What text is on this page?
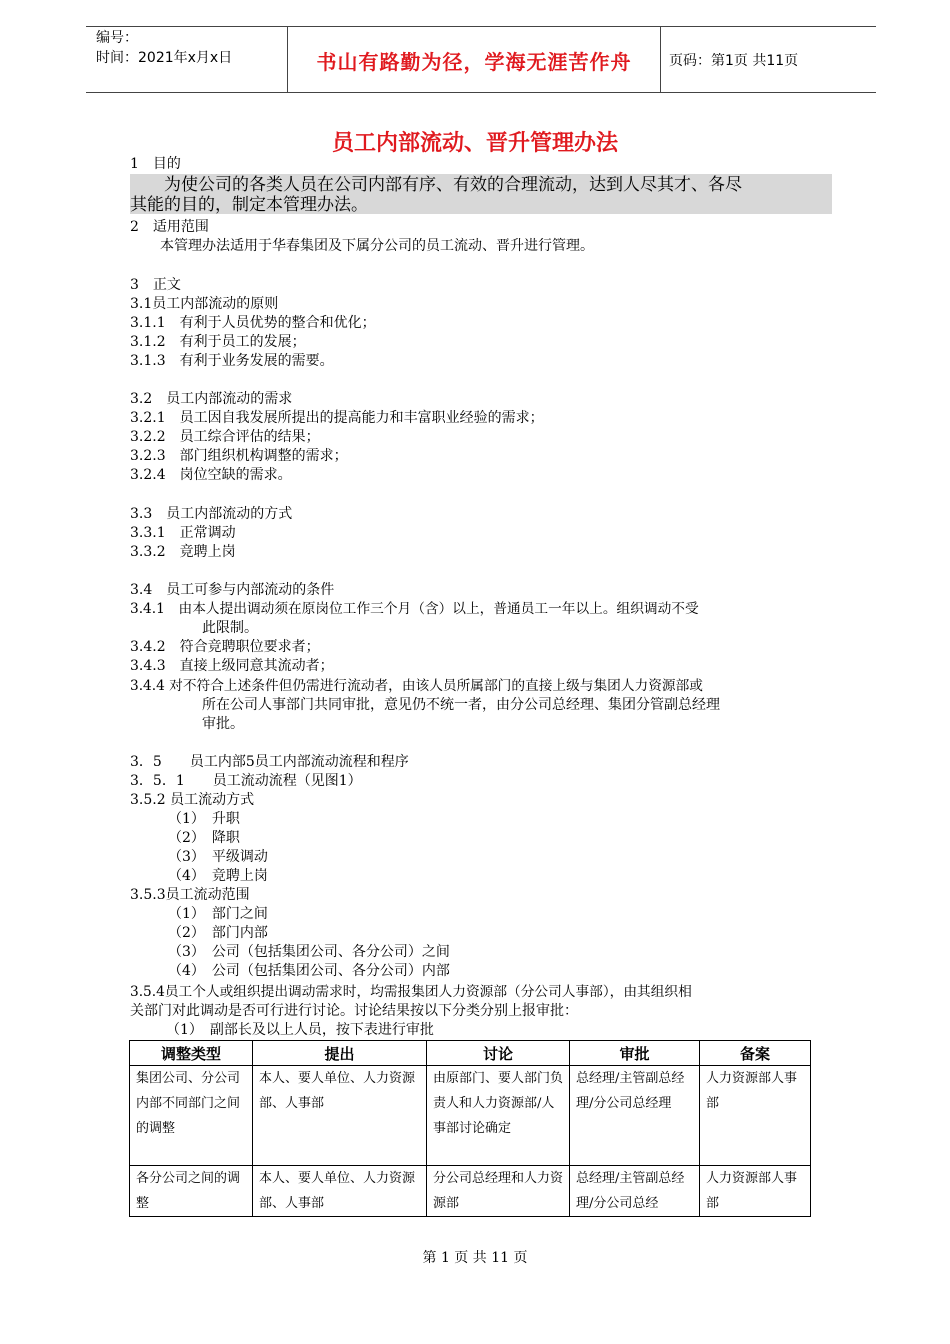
编号：
时间：2021年x月x日	书山有路勤为径，学海无涯苦作舟	页码：第1页 共11页
员工内部流动、晋升管理办法
1　目的
　　为使公司的各类人员在公司内部有序、有效的合理流动，达到人尽其才、各尽
其能的目的，制定本管理办法。
2　适用范围
本管理办法适用于华春集团及下属分公司的员工流动、晋升进行管理。
3　正文
3.1员工内部流动的原则
3.1.1　有利于人员优势的整合和优化；
3.1.2　有利于员工的发展；
3.1.3　有利于业务发展的需要。
3.2　员工内部流动的需求
3.2.1　员工因自我发展所提出的提高能力和丰富职业经验的需求；
3.2.2　员工综合评估的结果；
3.2.3　部门组织机构调整的需求；
3.2.4　岗位空缺的需求。
3.3　员工内部流动的方式
3.3.1　正常调动
3.3.2　竞聘上岗
3.4　员工可参与内部流动的条件
3.4.1　由本人提出调动须在原岗位工作三个月（含）以上，普通员工一年以上。组织调动不受
此限制。
3.4.2　符合竞聘职位要求者；
3.4.3　直接上级同意其流动者；
3.4.4 对不符合上述条件但仍需进行流动者，由该人员所属部门的直接上级与集团人力资源部或
所在公司人事部门共同审批，意见仍不统一者，由分公司总经理、集团分管副总经理
审批。
3．5　　员工内部5员工内部流动流程和程序
3．5．1　　员工流动流程（见图1）
3.5.2 员工流动方式
（1）　升职
（2）　降职
（3）　平级调动
（4）　竞聘上岗
3.5.3员工流动范围
（1）　部门之间
（2）　部门内部
（3）　公司（包括集团公司、各分公司）之间
（4）　公司（包括集团公司、各分公司）内部
3.5.4员工个人或组织提出调动需求时，均需报集团人力资源部（分公司人事部），由其组织相
关部门对此调动是否可行进行讨论。讨论结果按以下分类分别上报审批：
（1）　副部长及以上人员，按下表进行审批
调整类型	提出	讨论	审批	备案
集团公司、分公司内部不同部门之间的调整	本人、要人单位、人力资源部、人事部	由原部门、要人部门负责人和人力资源部/人事部讨论确定	总经理/主管副总经理/分公司总经理	人力资源部人事部
各分公司之间的调整	本人、要人单位、人力资源部、人事部	分公司总经理和人力资源部	总经理/主管副总经理/分公司总经	人力资源部人事部
第 1 页 共 11 页
